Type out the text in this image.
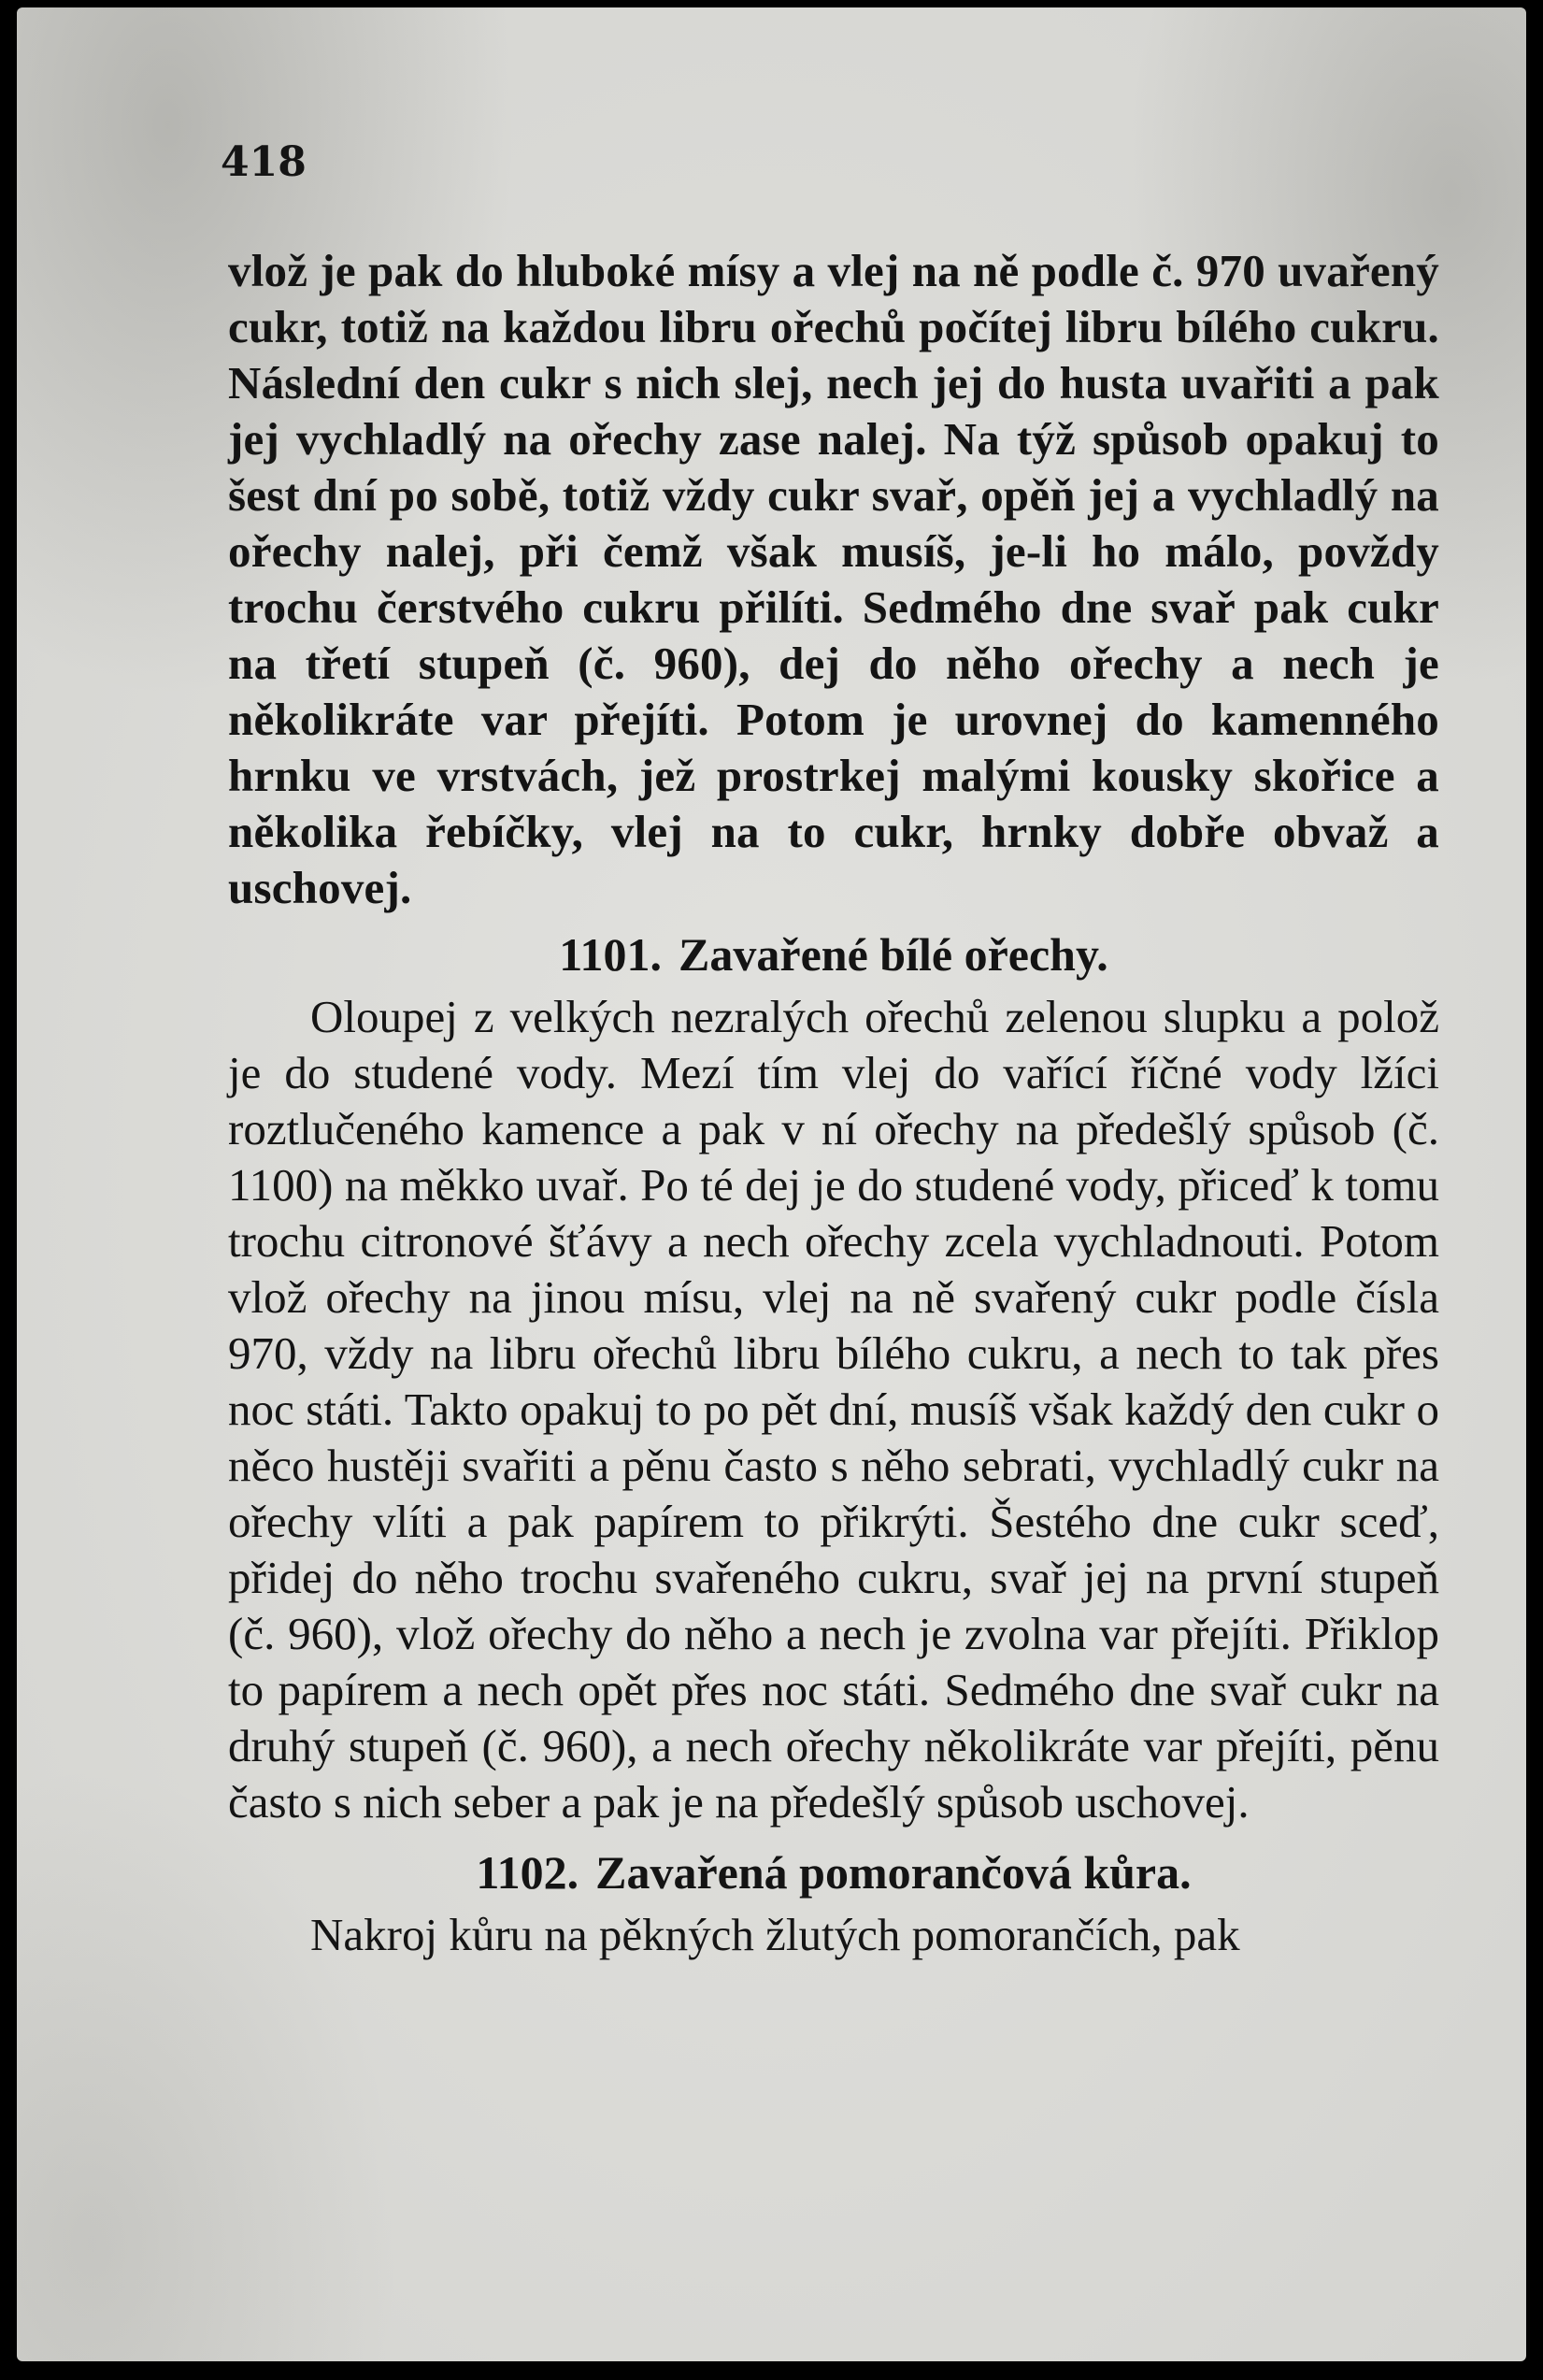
418

vlož je pak do hluboké mísy a vlej na ně podle č. 970 uvařený cukr, totiž na každou libru ořechů počítej libru bílého cukru. Následní den cukr s nich slej, nech jej do husta uvařiti a pak jej vychladlý na ořechy zase nalej. Na týž spůsob opakuj to šest dní po sobě, totiž vždy cukr svař, opěň jej a vychladlý na ořechy nalej, při čemž však musíš, je-li ho málo, povždy trochu čerstvého cukru přilíti. Sedmého dne svař pak cukr na třetí stupeň (č. 960), dej do něho ořechy a nech je několikráte var přejíti. Potom je urovnej do kamenného hrnku ve vrstvách, jež prostrkej malými kousky skořice a několika řebíčky, vlej na to cukr, hrnky dobře obvaž a uschovej.

1101. Zavařené bílé ořechy.

Oloupej z velkých nezralých ořechů zelenou slupku a polož je do studené vody. Mezí tím vlej do vařící říčné vody lžíci roztlučeného kamence a pak v ní ořechy na předešlý spůsob (č. 1100) na měkko uvař. Po té dej je do studené vody, přiceď k tomu trochu citronové šťávy a nech ořechy zcela vychladnouti. Potom vlož ořechy na jinou mísu, vlej na ně svařený cukr podle čísla 970, vždy na libru ořechů libru bílého cukru, a nech to tak přes noc státi. Takto opakuj to po pět dní, musíš však každý den cukr o něco hustěji svařiti a pěnu často s něho sebrati, vychladlý cukr na ořechy vlíti a pak papírem to přikrýti. Šestého dne cukr sceď, přidej do něho trochu svařeného cukru, svař jej na první stupeň (č. 960), vlož ořechy do něho a nech je zvolna var přejíti. Přiklop to papírem a nech opět přes noc státi. Sedmého dne svař cukr na druhý stupeň (č. 960), a nech ořechy několikráte var přejíti, pěnu často s nich seber a pak je na předešlý spůsob uschovej.

1102. Zavařená pomorančová kůra.

Nakroj kůru na pěkných žlutých pomorančích, pak
